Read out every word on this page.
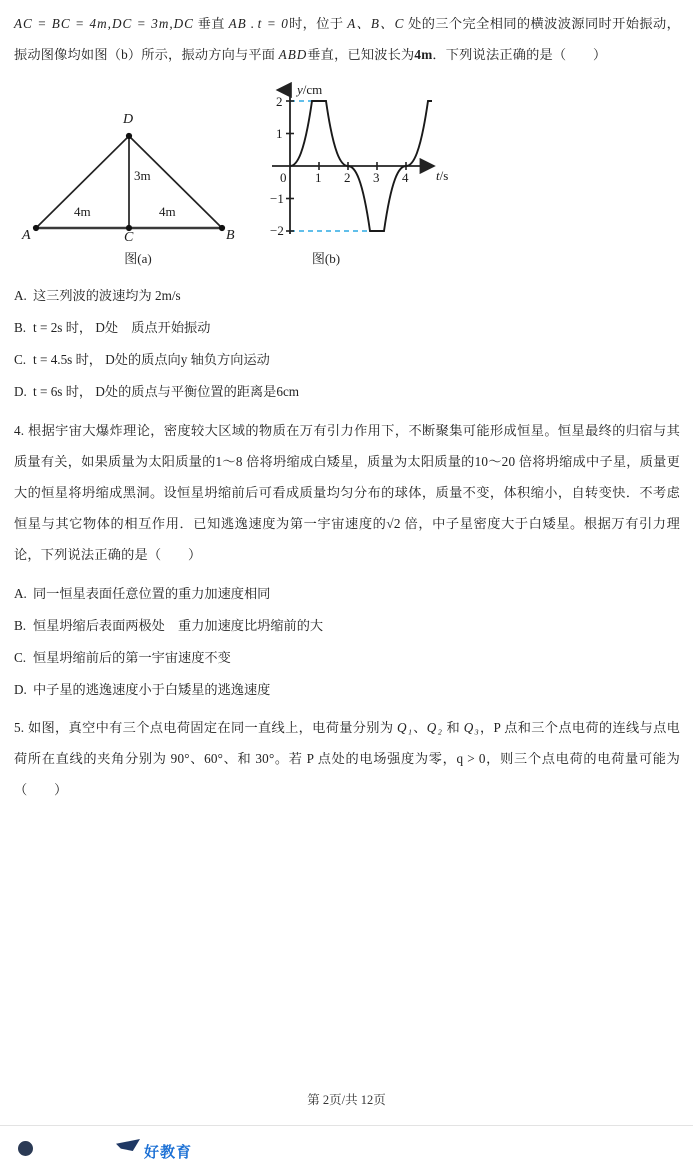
AC = BC = 4m,DC = 3m,DC 垂直 AB . t = 0时，位于 A、B、C 处的三个完全相同的横波波源同时开始振动，振动图像均如图（b）所示，振动方向与平面 ABD垂直，已知波长为4m．下列说法正确的是（　　）
A	B
C
D
4m	4m
3m
图(a)
y/cm
t/s
2
1
−1
−2
0 1 2 3 4
图(b)
A. 这三列波的波速均为 2m/s
B. t = 2s 时， D处　质点开始振动
C. t = 4.5s 时， D处的质点向y 轴负方向运动
D. t = 6s 时， D处的质点与平衡位置的距离是6cm
4. 根据宇宙大爆炸理论，密度较大区域的物质在万有引力作用下，不断聚集可能形成恒星。恒星最终的归宿与其质量有关，如果质量为太阳质量的1～8 倍将坍缩成白矮星，质量为太阳质量的10～20 倍将坍缩成中子星，质量更大的恒星将坍缩成黑洞。设恒星坍缩前后可看成质量均匀分布的球体，质量不变，体积缩小，自转变快．不考虑恒星与其它物体的相互作用．已知逃逸速度为第一宇宙速度的√2 倍，中子星密度大于白矮星。根据万有引力理论，下列说法正确的是（　　）
A. 同一恒星表面任意位置的重力加速度相同
B. 恒星坍缩后表面两极处　重力加速度比坍缩前的大
C. 恒星坍缩前后的第一宇宙速度不变
D. 中子星的逃逸速度小于白矮星的逃逸速度
5. 如图，真空中有三个点电荷固定在同一直线上，电荷量分别为 Q₁、Q₂ 和 Q₃，P 点和三个点电荷的连线与点电荷所在直线的夹角分别为 90°、60°、和 30°。若 P 点处的电场强度为零，q > 0，则三个点电荷的电荷量可能为（　　）
第 2页/共 12页
好教育
